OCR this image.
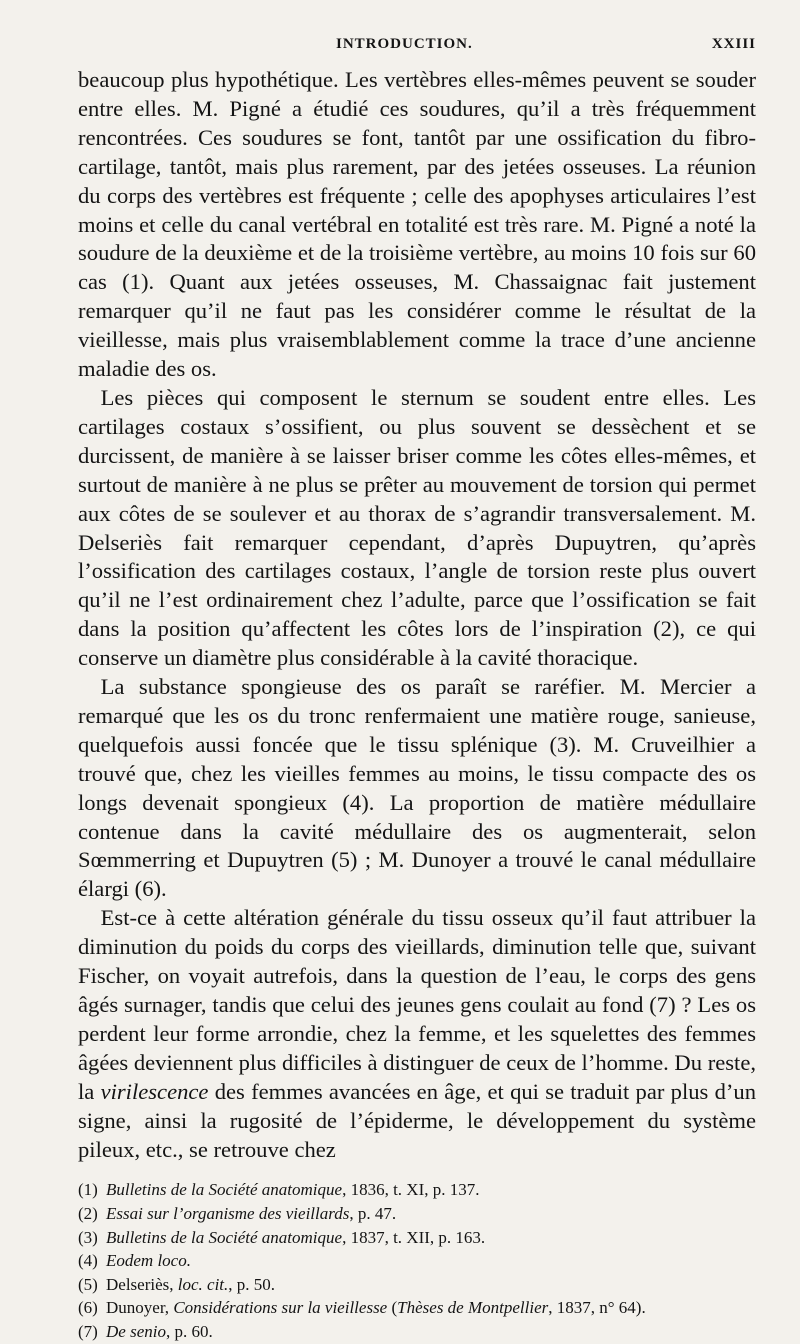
INTRODUCTION.	XXIII

beaucoup plus hypothétique. Les vertèbres elles-mêmes peuvent se souder entre elles. M. Pigné a étudié ces soudures, qu’il a très fréquemment rencontrées. Ces soudures se font, tantôt par une ossification du fibro-cartilage, tantôt, mais plus rarement, par des jetées osseuses. La réunion du corps des vertèbres est fréquente ; celle des apophyses articulaires l’est moins et celle du canal vertébral en totalité est très rare. M. Pigné a noté la soudure de la deuxième et de la troisième vertèbre, au moins 10 fois sur 60 cas (1). Quant aux jetées osseuses, M. Chassaignac fait justement remarquer qu’il ne faut pas les considérer comme le résultat de la vieillesse, mais plus vraisemblablement comme la trace d’une ancienne maladie des os.

 Les pièces qui composent le sternum se soudent entre elles. Les cartilages costaux s’ossifient, ou plus souvent se dessèchent et se durcissent, de manière à se laisser briser comme les côtes elles-mêmes, et surtout de manière à ne plus se prêter au mouvement de torsion qui permet aux côtes de se soulever et au thorax de s’agrandir transversalement. M. Delseriès fait remarquer cependant, d’après Dupuytren, qu’après l’ossification des cartilages costaux, l’angle de torsion reste plus ouvert qu’il ne l’est ordinairement chez l’adulte, parce que l’ossification se fait dans la position qu’affectent les côtes lors de l’inspiration (2), ce qui conserve un diamètre plus considérable à la cavité thoracique.

 La substance spongieuse des os paraît se raréfier. M. Mercier a remarqué que les os du tronc renfermaient une matière rouge, sanieuse, quelquefois aussi foncée que le tissu splénique (3). M. Cruveilhier a trouvé que, chez les vieilles femmes au moins, le tissu compacte des os longs devenait spongieux (4). La proportion de matière médullaire contenue dans la cavité médullaire des os augmenterait, selon Sœmmerring et Dupuytren (5) ; M. Dunoyer a trouvé le canal médullaire élargi (6).

 Est-ce à cette altération générale du tissu osseux qu’il faut attribuer la diminution du poids du corps des vieillards, diminution telle que, suivant Fischer, on voyait autrefois, dans la question de l’eau, le corps des gens âgés surnager, tandis que celui des jeunes gens coulait au fond (7) ? Les os perdent leur forme arrondie, chez la femme, et les squelettes des femmes âgées deviennent plus difficiles à distinguer de ceux de l’homme. Du reste, la virilescence des femmes avancées en âge, et qui se traduit par plus d’un signe, ainsi la rugosité de l’épiderme, le développement du système pileux, etc., se retrouve chez

(1) Bulletins de la Société anatomique, 1836, t. XI, p. 137.
(2) Essai sur l’organisme des vieillards, p. 47.
(3) Bulletins de la Société anatomique, 1837, t. XII, p. 163.
(4) Eodem loco.
(5) Delseriès, loc. cit., p. 50.
(6) Dunoyer, Considérations sur la vieillesse (Thèses de Montpellier, 1837, n° 64).
(7) De senio, p. 60.
